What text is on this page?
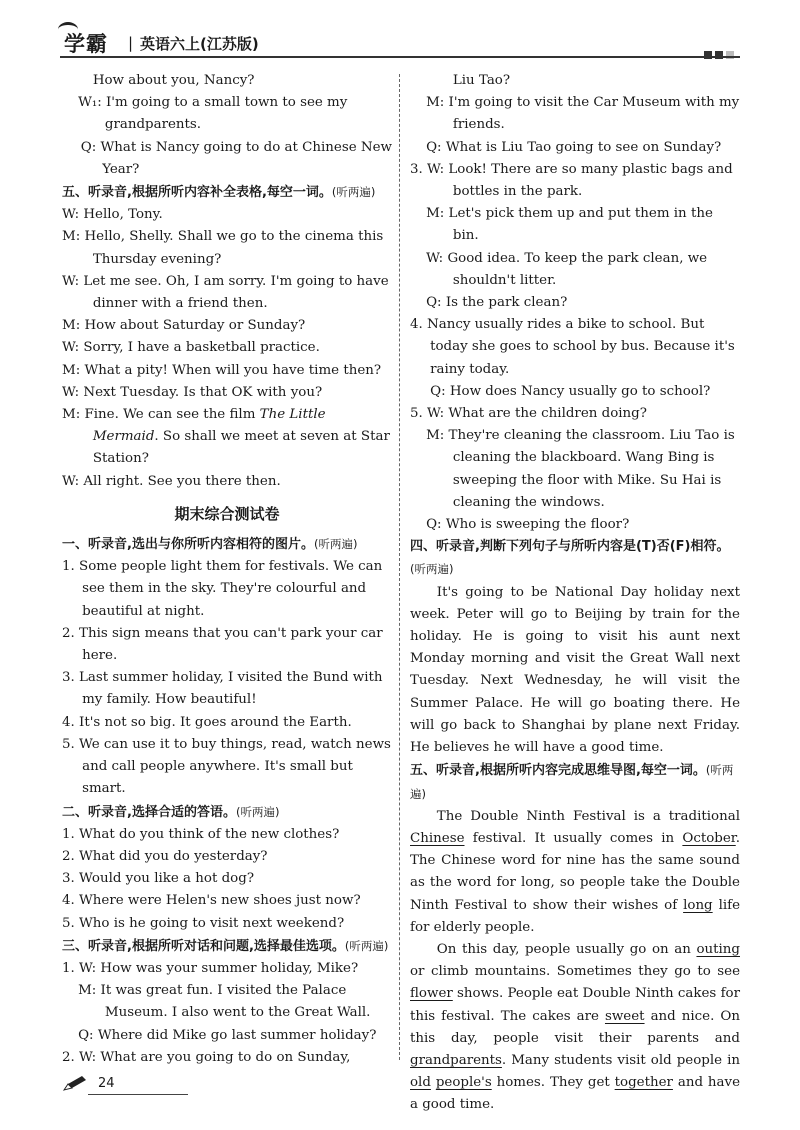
学霸 | 英语六上(江苏版)

How about you, Nancy?

W₁: I'm going to a small town to see my grandparents.

Q: What is Nancy going to do at Chinese New Year?

五、听录音,根据所听内容补全表格,每空一词。(听两遍)

W: Hello, Tony.

M: Hello, Shelly. Shall we go to the cinema this Thursday evening?

W: Let me see. Oh, I am sorry. I'm going to have dinner with a friend then.

M: How about Saturday or Sunday?

W: Sorry, I have a basketball practice.

M: What a pity! When will you have time then?

W: Next Tuesday. Is that OK with you?

M: Fine. We can see the film The Little Mermaid. So shall we meet at seven at Star Station?

W: All right. See you there then.

期末综合测试卷

一、听录音,选出与你所听内容相符的图片。(听两遍)

1. Some people light them for festivals. We can see them in the sky. They're colourful and beautiful at night.

2. This sign means that you can't park your car here.

3. Last summer holiday, I visited the Bund with my family. How beautiful!

4. It's not so big. It goes around the Earth.

5. We can use it to buy things, read, watch news and call people anywhere. It's small but smart.

二、听录音,选择合适的答语。(听两遍)

1. What do you think of the new clothes?

2. What did you do yesterday?

3. Would you like a hot dog?

4. Where were Helen's new shoes just now?

5. Who is he going to visit next weekend?

三、听录音,根据所听对话和问题,选择最佳选项。(听两遍)

1. W: How was your summer holiday, Mike?

M: It was great fun. I visited the Palace Museum. I also went to the Great Wall.

Q: Where did Mike go last summer holiday?

2. W: What are you going to do on Sunday,

Liu Tao?

M: I'm going to visit the Car Museum with my friends.

Q: What is Liu Tao going to see on Sunday?

3. W: Look! There are so many plastic bags and bottles in the park.

M: Let's pick them up and put them in the bin.

W: Good idea. To keep the park clean, we shouldn't litter.

Q: Is the park clean?

4. Nancy usually rides a bike to school. But today she goes to school by bus. Because it's rainy today.

Q: How does Nancy usually go to school?

5. W: What are the children doing?

M: They're cleaning the classroom. Liu Tao is cleaning the blackboard. Wang Bing is sweeping the floor with Mike. Su Hai is cleaning the windows.

Q: Who is sweeping the floor?

四、听录音,判断下列句子与所听内容是(T)否(F)相符。(听两遍)

It's going to be National Day holiday next week. Peter will go to Beijing by train for the holiday. He is going to visit his aunt next Monday morning and visit the Great Wall next Tuesday. Next Wednesday, he will visit the Summer Palace. He will go boating there. He will go back to Shanghai by plane next Friday. He believes he will have a good time.

五、听录音,根据所听内容完成思维导图,每空一词。(听两遍)

The Double Ninth Festival is a traditional Chinese festival. It usually comes in October. The Chinese word for nine has the same sound as the word for long, so people take the Double Ninth Festival to show their wishes of long life for elderly people.

On this day, people usually go on an outing or climb mountains. Sometimes they go to see flower shows. People eat Double Ninth cakes for this festival. The cakes are sweet and nice. On this day, people visit their parents and grandparents. Many students visit old people in old people's homes. They get together and have a good time.

24
